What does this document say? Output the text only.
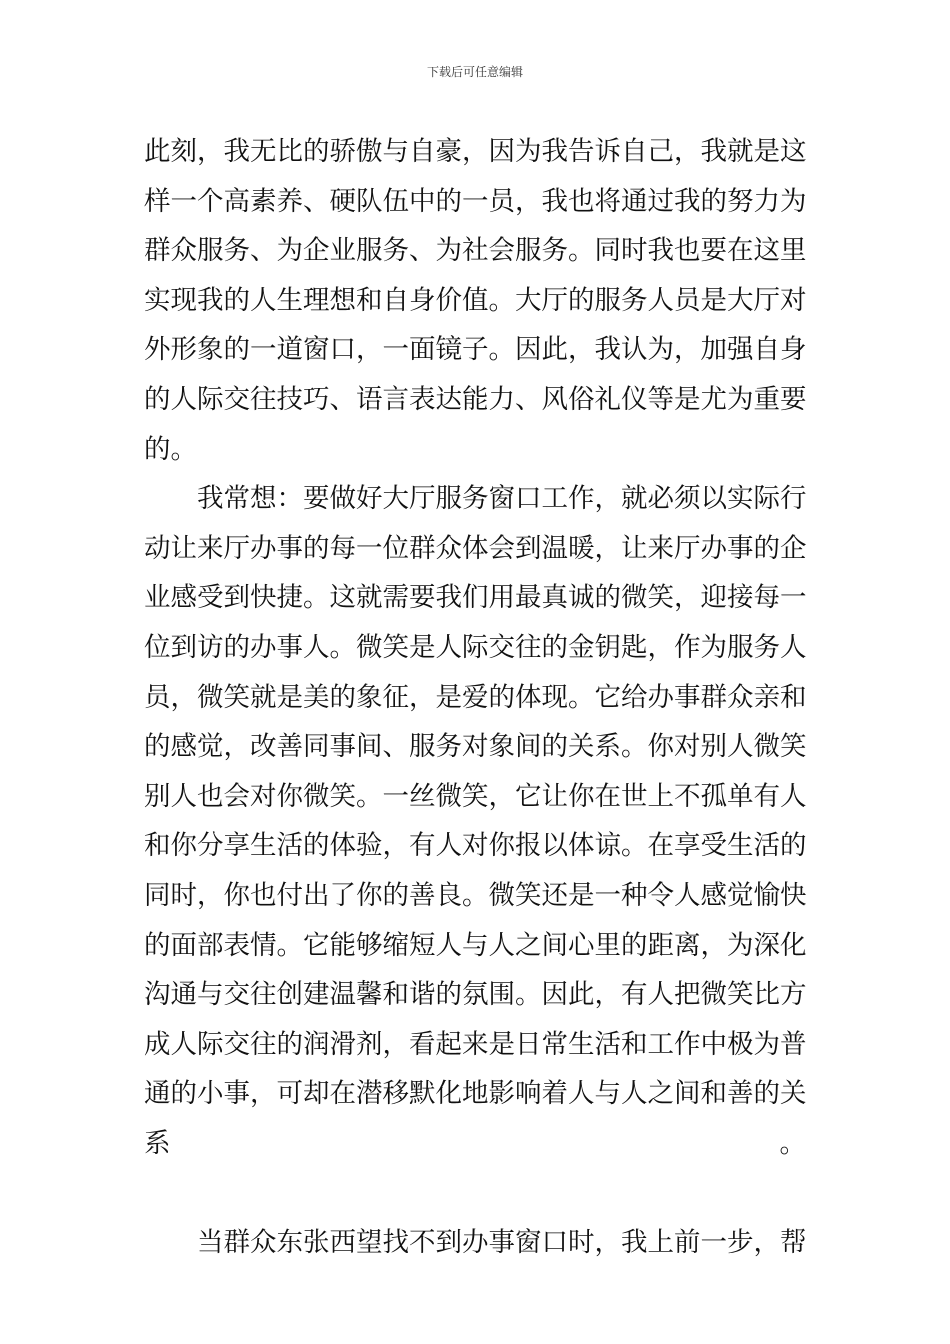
下载后可任意编辑
此刻，我无比的骄傲与自豪，因为我告诉自己，我就是这
样一个高素养、硬队伍中的一员，我也将通过我的努力为
群众服务、为企业服务、为社会服务。同时我也要在这里
实现我的人生理想和自身价值。大厅的服务人员是大厅对
外形象的一道窗口，一面镜子。因此，我认为，加强自身
的人际交往技巧、语言表达能力、风俗礼仪等是尤为重要
的。
　　我常想：要做好大厅服务窗口工作，就必须以实际行
动让来厅办事的每一位群众体会到温暖，让来厅办事的企
业感受到快捷。这就需要我们用最真诚的微笑，迎接每一
位到访的办事人。微笑是人际交往的金钥匙，作为服务人
员，微笑就是美的象征，是爱的体现。它给办事群众亲和
的感觉，改善同事间、服务对象间的关系。你对别人微笑
别人也会对你微笑。一丝微笑，它让你在世上不孤单有人
和你分享生活的体验，有人对你报以体谅。在享受生活的
同时，你也付出了你的善良。微笑还是一种令人感觉愉快
的面部表情。它能够缩短人与人之间心里的距离，为深化
沟通与交往创建温馨和谐的氛围。因此，有人把微笑比方
成人际交往的润滑剂，看起来是日常生活和工作中极为普
通的小事，可却在潜移默化地影响着人与人之间和善的关
系。
　　当群众东张西望找不到办事窗口时，我上前一步，帮
